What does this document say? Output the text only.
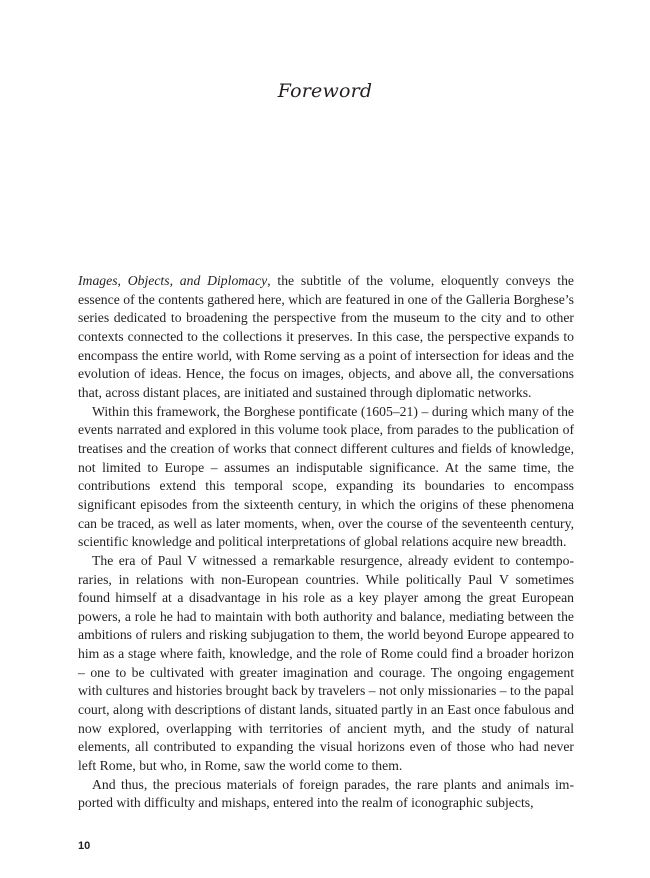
Foreword

Images, Objects, and Diplomacy, the subtitle of the volume, eloquently conveys the essence of the contents gathered here, which are featured in one of the Galleria Borghese’s series dedicated to broadening the perspective from the museum to the city and to other contexts connected to the collections it preserves. In this case, the perspective expands to encompass the entire world, with Rome serving as a point of intersection for ideas and the evolution of ideas. Hence, the focus on images, objects, and above all, the conversations that, across distant places, are initiated and sustained through diplomatic networks.

Within this framework, the Borghese pontificate (1605–21) – during which many of the events narrated and explored in this volume took place, from parades to the publication of treatises and the creation of works that connect different cultures and fields of knowledge, not limited to Europe – assumes an indisputable significance. At the same time, the contributions extend this temporal scope, expanding its boundaries to encompass significant episodes from the sixteenth century, in which the origins of these phenomena can be traced, as well as later moments, when, over the course of the seventeenth century, scientific knowledge and political interpretations of global relations acquire new breadth.

The era of Paul V witnessed a remarkable resurgence, already evident to contemporaries, in relations with non-European countries. While politically Paul V sometimes found himself at a disadvantage in his role as a key player among the great European powers, a role he had to maintain with both authority and balance, mediating between the ambitions of rulers and risking subjugation to them, the world beyond Europe appeared to him as a stage where faith, knowledge, and the role of Rome could find a broader horizon – one to be cultivated with greater imagination and courage. The ongoing engagement with cultures and histories brought back by travelers – not only missionaries – to the papal court, along with descriptions of distant lands, situated partly in an East once fabulous and now explored, overlapping with territories of ancient myth, and the study of natural elements, all contributed to expanding the visual horizons even of those who had never left Rome, but who, in Rome, saw the world come to them.

And thus, the precious materials of foreign parades, the rare plants and animals imported with difficulty and mishaps, entered into the realm of iconographic subjects,

10
